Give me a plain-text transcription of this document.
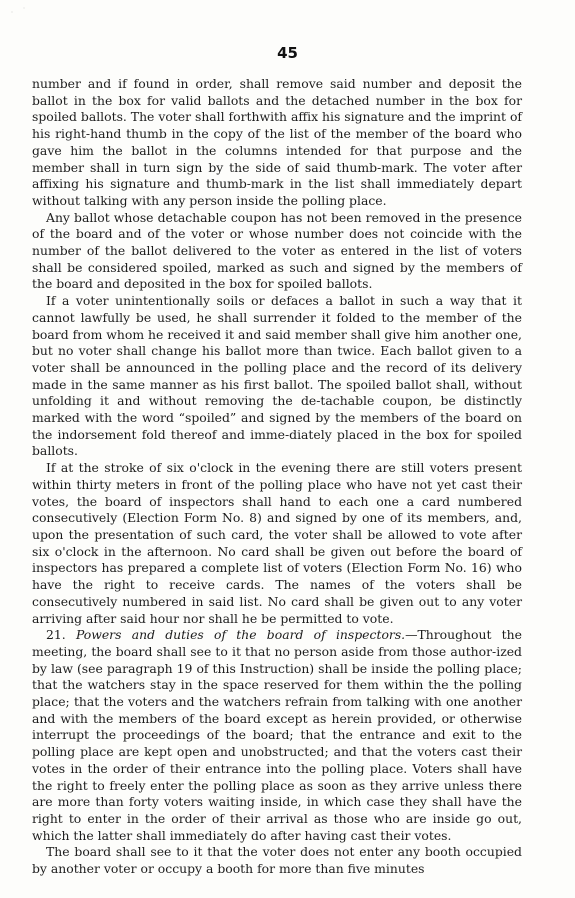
45

number and if found in order, shall remove said number and deposit the ballot in the box for valid ballots and the detached number in the box for spoiled ballots. The voter shall forthwith affix his signature and the imprint of his right-hand thumb in the copy of the list of the member of the board who gave him the ballot in the columns intended for that purpose and the member shall in turn sign by the side of said thumb-mark. The voter after affixing his signature and thumb-mark in the list shall immediately depart without talking with any person inside the polling place.

Any ballot whose detachable coupon has not been removed in the presence of the board and of the voter or whose number does not coincide with the number of the ballot delivered to the voter as entered in the list of voters shall be considered spoiled, marked as such and signed by the members of the board and deposited in the box for spoiled ballots.

If a voter unintentionally soils or defaces a ballot in such a way that it cannot lawfully be used, he shall surrender it folded to the member of the board from whom he received it and said member shall give him another one, but no voter shall change his ballot more than twice. Each ballot given to a voter shall be announced in the polling place and the record of its delivery made in the same manner as his first ballot. The spoiled ballot shall, without unfolding it and without removing the de-tachable coupon, be distinctly marked with the word “spoiled” and signed by the members of the board on the indorsement fold thereof and imme-diately placed in the box for spoiled ballots.

If at the stroke of six o'clock in the evening there are still voters present within thirty meters in front of the polling place who have not yet cast their votes, the board of inspectors shall hand to each one a card numbered consecutively (Election Form No. 8) and signed by one of its members, and, upon the presentation of such card, the voter shall be allowed to vote after six o'clock in the afternoon. No card shall be given out before the board of inspectors has prepared a complete list of voters (Election Form No. 16) who have the right to receive cards. The names of the voters shall be consecutively numbered in said list. No card shall be given out to any voter arriving after said hour nor shall he be permitted to vote.

21. Powers and duties of the board of inspectors.—Throughout the meeting, the board shall see to it that no person aside from those author-ized by law (see paragraph 19 of this Instruction) shall be inside the polling place; that the watchers stay in the space reserved for them within the the polling place; that the voters and the watchers refrain from talking with one another and with the members of the board except as herein provided, or otherwise interrupt the proceedings of the board; that the entrance and exit to the polling place are kept open and unobstructed; and that the voters cast their votes in the order of their entrance into the polling place. Voters shall have the right to freely enter the polling place as soon as they arrive unless there are more than forty voters waiting inside, in which case they shall have the right to enter in the order of their arrival as those who are inside go out, which the latter shall immediately do after having cast their votes.

The board shall see to it that the voter does not enter any booth occupied by another voter or occupy a booth for more than five minutes
